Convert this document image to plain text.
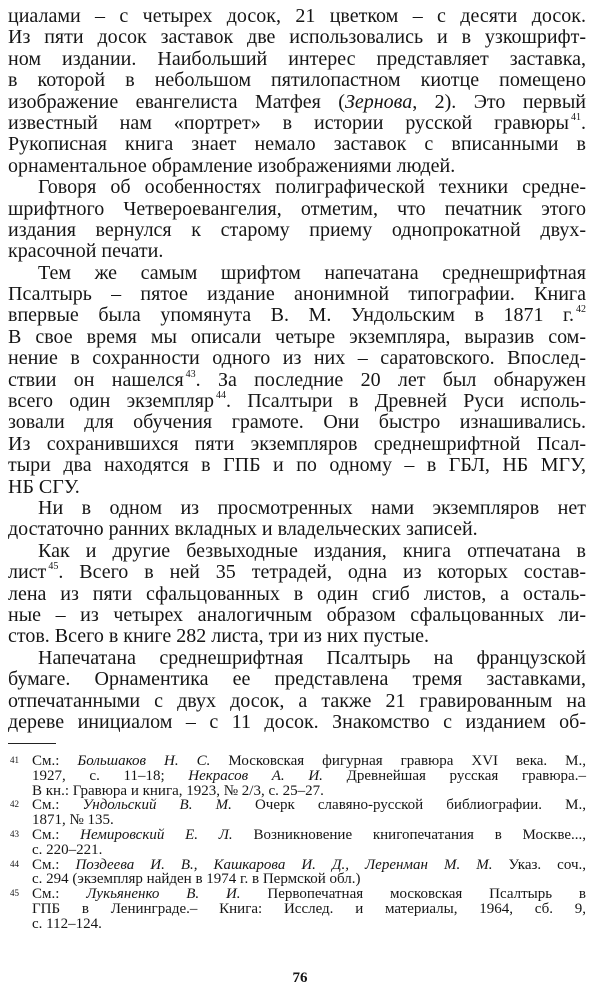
циалами – с четырех досок, 21 цветком – с десяти досок.
Из пяти досок заставок две использовались и в узкошрифт-
ном издании. Наибольший интерес представляет заставка,
в которой в небольшом пятилопастном киотце помещено
изображение евангелиста Матфея (Зернова, 2). Это первый
известный нам «портрет» в истории русской гравюры $^{41}$.
Рукописная книга знает немало заставок с вписанными в
орнаментальное обрамление изображениями людей.
Говоря об особенностях полиграфической техники средне-
шрифтного Четвероевангелия, отметим, что печатник этого
издания вернулся к старому приему однопрокатной двух-
красочной печати.
Тем же самым шрифтом напечатана среднешрифтная
Псалтырь – пятое издание анонимной типографии. Книга
впервые была упомянута В. М. Ундольским в 1871 г. $^{42}$
В свое время мы описали четыре экземпляра, выразив сом-
нение в сохранности одного из них – саратовского. Впослед-
ствии он нашелся $^{43}$. За последние 20 лет был обнаружен
всего один экземпляр $^{44}$. Псалтыри в Древней Руси исполь-
зовали для обучения грамоте. Они быстро изнашивались.
Из сохранившихся пяти экземпляров среднешрифтной Псал-
тыри два находятся в ГПБ и по одному – в ГБЛ, НБ МГУ,
НБ СГУ.
Ни в одном из просмотренных нами экземпляров нет
достаточно ранних вкладных и владельческих записей.
Как и другие безвыходные издания, книга отпечатана в
лист $^{45}$. Всего в ней 35 тетрадей, одна из которых состав-
лена из пяти сфальцованных в один сгиб листов, а осталь-
ные – из четырех аналогичным образом сфальцованных ли-
стов. Всего в книге 282 листа, три из них пустые.
Напечатана среднешрифтная Псалтырь на французской
бумаге. Орнаментика ее представлена тремя заставками,
отпечатанными с двух досок, а также 21 гравированным на
дереве инициалом – с 11 досок. Знакомство с изданием об-
41 См.: Большаков Н. С. Московская фигурная гравюра XVI века. М.,
1927, с. 11–18; Некрасов А. И. Древнейшая русская гравюра.–
В кн.: Гравюра и книга, 1923, № 2/3, с. 25–27.
42 См.: Ундольский В. М. Очерк славяно-русской библиографии. М.,
1871, № 135.
43 См.: Немировский Е. Л. Возникновение книгопечатания в Москве...,
с. 220–221.
44 См.: Поздеева И. В., Кашкарова И. Д., Леренман М. М. Указ. соч.,
с. 294 (экземпляр найден в 1974 г. в Пермской обл.)
45 См.: Лукьяненко В. И. Первопечатная московская Псалтырь в
ГПБ в Ленинграде.– Книга: Исслед. и материалы, 1964, сб. 9,
с. 112–124.
76
